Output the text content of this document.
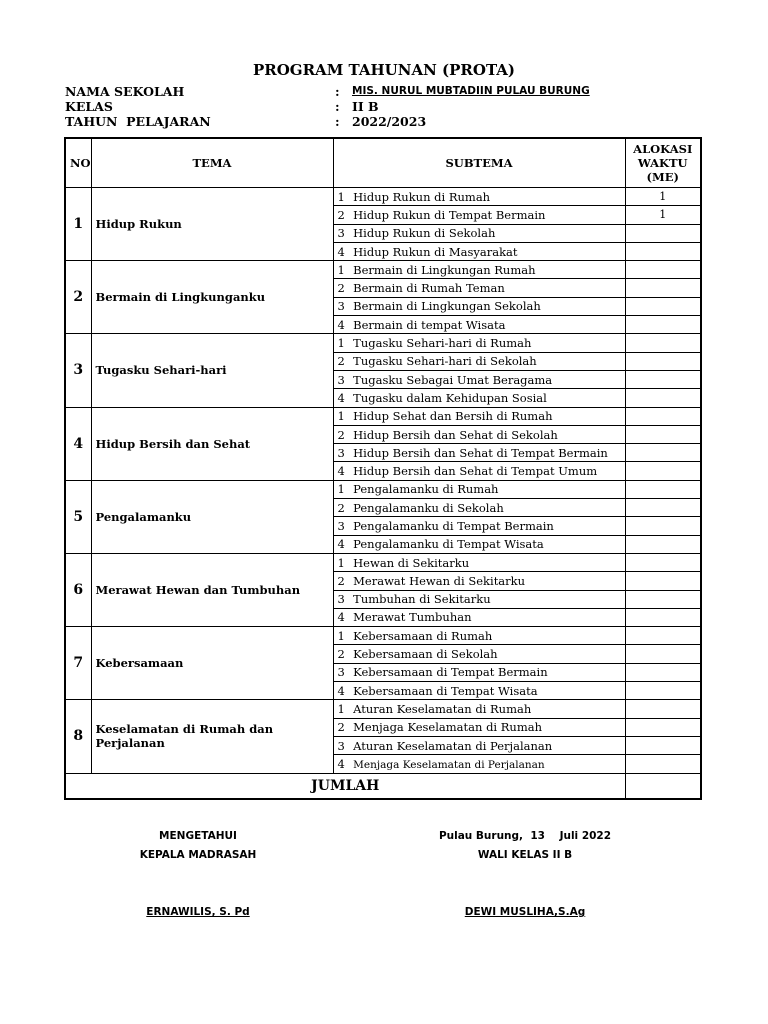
PROGRAM TAHUNAN (PROTA)
NAMA SEKOLAH	: MIS. NURUL MUBTADIIN PULAU BURUNG
KELAS	: II B
TAHUN  PELAJARAN	: 2022/2023
NO	TEMA	SUBTEMA	ALOKASI WAKTU (ME)
1	Hidup Rukun	1 Hidup Rukun di Rumah	1
		2 Hidup Rukun di Tempat Bermain	1
		3 Hidup Rukun di Sekolah	
		4 Hidup Rukun di Masyarakat	
2	Bermain di Lingkunganku	1 Bermain di Lingkungan Rumah	
		2 Bermain di Rumah Teman	
		3 Bermain di Lingkungan Sekolah	
		4 Bermain di tempat Wisata	
3	Tugasku Sehari-hari	1 Tugasku Sehari-hari di Rumah	
		2 Tugasku Sehari-hari di Sekolah	
		3 Tugasku Sebagai Umat Beragama	
		4 Tugasku dalam Kehidupan Sosial	
4	Hidup Bersih dan Sehat	1 Hidup Sehat dan Bersih di Rumah	
		2 Hidup Bersih dan Sehat di Sekolah	
		3 Hidup Bersih dan Sehat di Tempat Bermain	
		4 Hidup Bersih dan Sehat di Tempat Umum	
5	Pengalamanku	1 Pengalamanku di Rumah	
		2 Pengalamanku di Sekolah	
		3 Pengalamanku di Tempat Bermain	
		4 Pengalamanku di Tempat Wisata	
6	Merawat Hewan dan Tumbuhan	1 Hewan di Sekitarku	
		2 Merawat Hewan di Sekitarku	
		3 Tumbuhan di Sekitarku	
		4 Merawat Tumbuhan	
7	Kebersamaan	1 Kebersamaan di Rumah	
		2 Kebersamaan di Sekolah	
		3 Kebersamaan di Tempat Bermain	
		4 Kebersamaan di Tempat Wisata	
8	Keselamatan di Rumah dan Perjalanan	1 Aturan Keselamatan di Rumah	
		2 Menjaga Keselamatan di Rumah	
		3 Aturan Keselamatan di Perjalanan	
		4 Menjaga Keselamatan di Perjalanan	
JUMLAH			
MENGETAHUI
KEPALA MADRASAH
ERNAWILIS, S. Pd
Pulau Burung,  13    Juli 2022
WALI KELAS II B
DEWI MUSLIHA,S.Ag
